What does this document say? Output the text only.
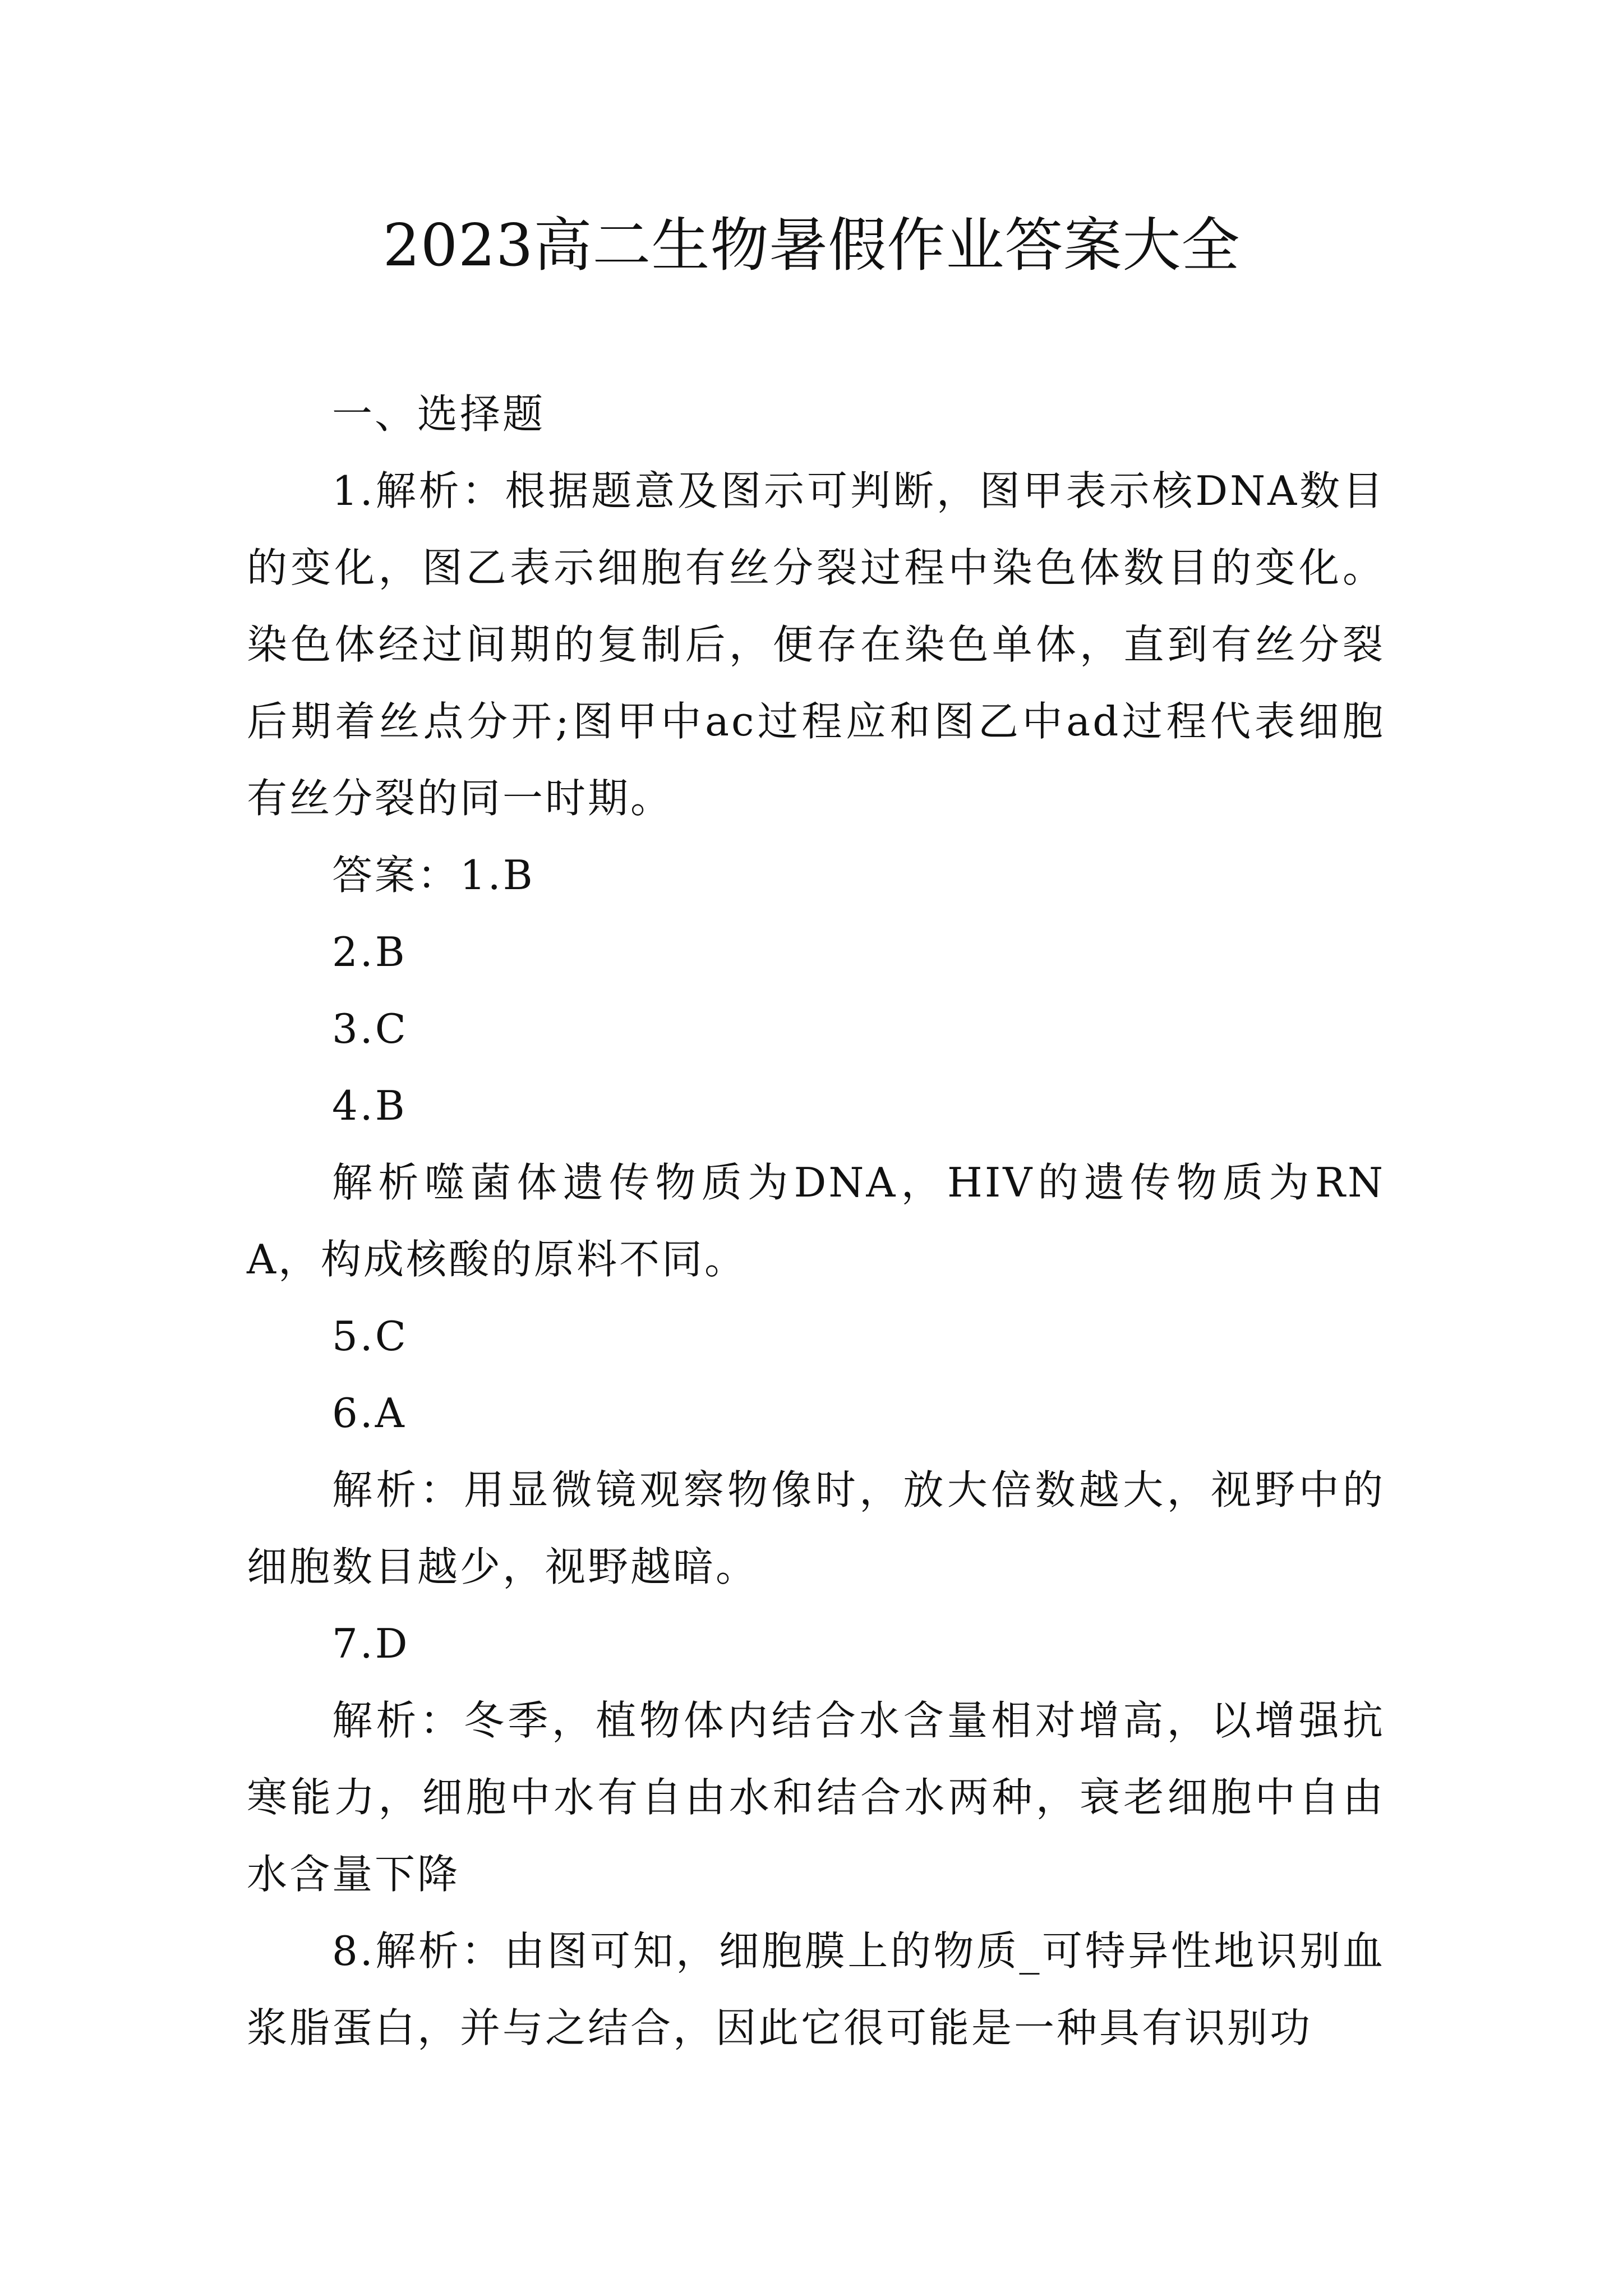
2023高二生物暑假作业答案大全

一、选择题

1.解析：根据题意及图示可判断，图甲表示核DNA数目的变化，图乙表示细胞有丝分裂过程中染色体数目的变化。染色体经过间期的复制后，便存在染色单体，直到有丝分裂后期着丝点分开;图甲中ac过程应和图乙中ad过程代表细胞有丝分裂的同一时期。

答案：1.B

2.B

3.C

4.B

解析噬菌体遗传物质为DNA，HIV的遗传物质为RNA，构成核酸的原料不同。

5.C

6.A

解析：用显微镜观察物像时，放大倍数越大，视野中的细胞数目越少，视野越暗。

7.D

解析：冬季，植物体内结合水含量相对增高，以增强抗寒能力，细胞中水有自由水和结合水两种，衰老细胞中自由水含量下降

8.解析：由图可知，细胞膜上的物质_可特异性地识别血浆脂蛋白，并与之结合，因此它很可能是一种具有识别功
